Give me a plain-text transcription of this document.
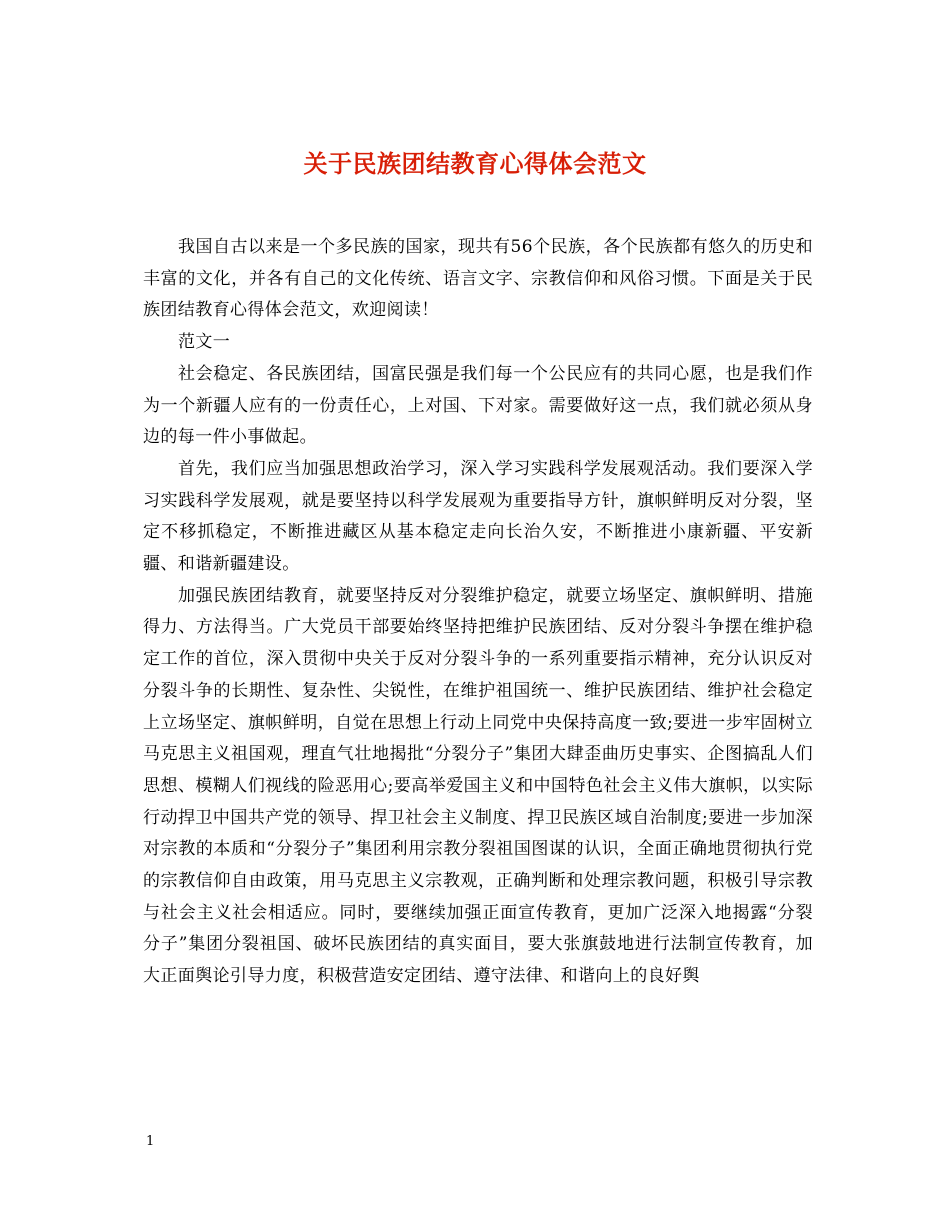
关于民族团结教育心得体会范文

我国自古以来是一个多民族的国家，现共有56个民族，各个民族都有悠久的历史和丰富的文化，并各有自己的文化传统、语言文字、宗教信仰和风俗习惯。下面是关于民族团结教育心得体会范文，欢迎阅读！

范文一

社会稳定、各民族团结，国富民强是我们每一个公民应有的共同心愿，也是我们作为一个新疆人应有的一份责任心，上对国、下对家。需要做好这一点，我们就必须从身边的每一件小事做起。

首先，我们应当加强思想政治学习，深入学习实践科学发展观活动。我们要深入学习实践科学发展观，就是要坚持以科学发展观为重要指导方针，旗帜鲜明反对分裂，坚定不移抓稳定，不断推进藏区从基本稳定走向长治久安，不断推进小康新疆、平安新疆、和谐新疆建设。

加强民族团结教育，就要坚持反对分裂维护稳定，就要立场坚定、旗帜鲜明、措施得力、方法得当。广大党员干部要始终坚持把维护民族团结、反对分裂斗争摆在维护稳定工作的首位，深入贯彻中央关于反对分裂斗争的一系列重要指示精神，充分认识反对分裂斗争的长期性、复杂性、尖锐性，在维护祖国统一、维护民族团结、维护社会稳定上立场坚定、旗帜鲜明，自觉在思想上行动上同党中央保持高度一致;要进一步牢固树立马克思主义祖国观，理直气壮地揭批“分裂分子”集团大肆歪曲历史事实、企图搞乱人们思想、模糊人们视线的险恶用心;要高举爱国主义和中国特色社会主义伟大旗帜，以实际行动捍卫中国共产党的领导、捍卫社会主义制度、捍卫民族区域自治制度;要进一步加深对宗教的本质和“分裂分子”集团利用宗教分裂祖国图谋的认识，全面正确地贯彻执行党的宗教信仰自由政策，用马克思主义宗教观，正确判断和处理宗教问题，积极引导宗教与社会主义社会相适应。同时，要继续加强正面宣传教育，更加广泛深入地揭露“分裂分子”集团分裂祖国、破坏民族团结的真实面目，要大张旗鼓地进行法制宣传教育，加大正面舆论引导力度，积极营造安定团结、遵守法律、和谐向上的良好舆

1
